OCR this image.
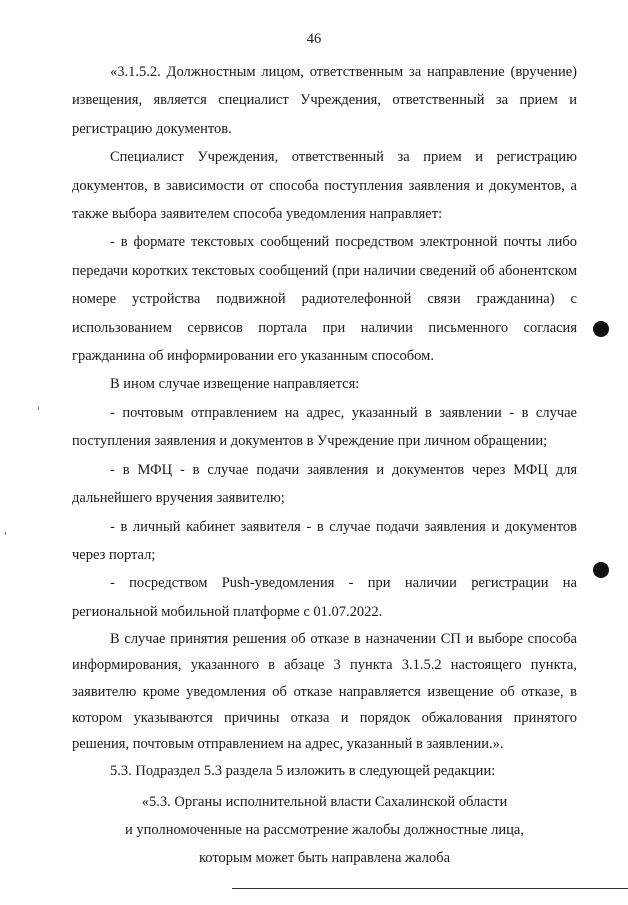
46

«3.1.5.2. Должностным лицом, ответственным за направление (вручение) извещения, является специалист Учреждения, ответственный за прием и регистрацию документов.

Специалист Учреждения, ответственный за прием и регистрацию документов, в зависимости от способа поступления заявления и документов, а также выбора заявителем способа уведомления направляет:

- в формате текстовых сообщений посредством электронной почты либо передачи коротких текстовых сообщений (при наличии сведений об абонентском номере устройства подвижной радиотелефонной связи гражданина) с использованием сервисов портала при наличии письменного согласия гражданина об информировании его указанным способом.

В ином случае извещение направляется:

- почтовым отправлением на адрес, указанный в заявлении - в случае поступления заявления и документов в Учреждение при личном обращении;

- в МФЦ - в случае подачи заявления и документов через МФЦ для дальнейшего вручения заявителю;

- в личный кабинет заявителя - в случае подачи заявления и документов через портал;

- посредством Push-уведомления - при наличии регистрации на региональной мобильной платформе с 01.07.2022.

В случае принятия решения об отказе в назначении СП и выборе способа информирования, указанного в абзаце 3 пункта 3.1.5.2 настоящего пункта, заявителю кроме уведомления об отказе направляется извещение об отказе, в котором указываются причины отказа и порядок обжалования принятого решения, почтовым отправлением на адрес, указанный в заявлении.».

5.3. Подраздел 5.3 раздела 5 изложить в следующей редакции:

«5.3. Органы исполнительной власти Сахалинской области

и уполномоченные на рассмотрение жалобы должностные лица,

которым может быть направлена жалоба
